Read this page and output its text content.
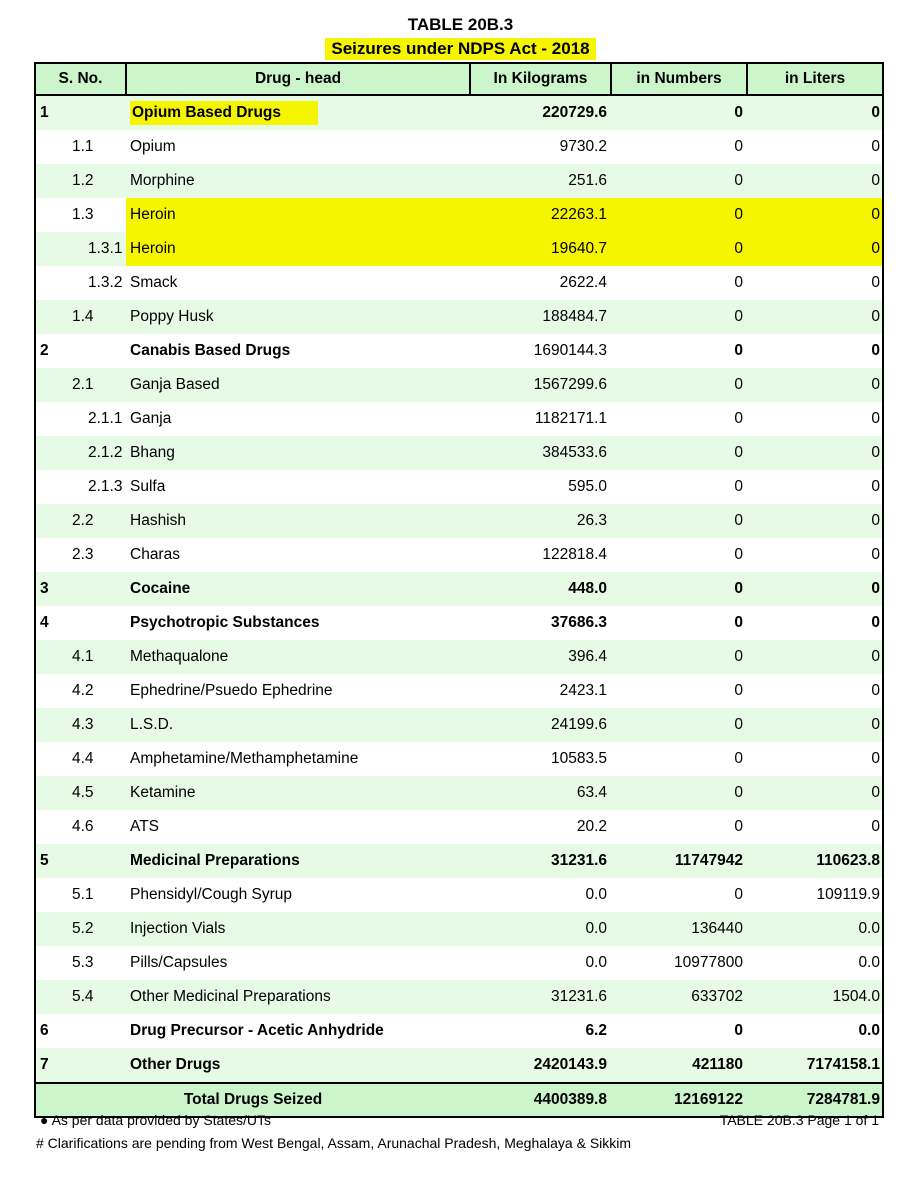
TABLE 20B.3
Seizures under NDPS Act - 2018
S. No.	Drug - head	In Kilograms	in Numbers	in Liters
1	Opium Based Drugs	220729.6	0	0
1.1	Opium	9730.2	0	0
1.2	Morphine	251.6	0	0
1.3	Heroin	22263.1	0	0
1.3.1	Heroin	19640.7	0	0
1.3.2	Smack	2622.4	0	0
1.4	Poppy Husk	188484.7	0	0
2	Canabis Based Drugs	1690144.3	0	0
2.1	Ganja Based	1567299.6	0	0
2.1.1	Ganja	1182171.1	0	0
2.1.2	Bhang	384533.6	0	0
2.1.3	Sulfa	595.0	0	0
2.2	Hashish	26.3	0	0
2.3	Charas	122818.4	0	0
3	Cocaine	448.0	0	0
4	Psychotropic Substances	37686.3	0	0
4.1	Methaqualone	396.4	0	0
4.2	Ephedrine/Psuedo Ephedrine	2423.1	0	0
4.3	L.S.D.	24199.6	0	0
4.4	Amphetamine/Methamphetamine	10583.5	0	0
4.5	Ketamine	63.4	0	0
4.6	ATS	20.2	0	0
5	Medicinal Preparations	31231.6	11747942	110623.8
5.1	Phensidyl/Cough Syrup	0.0	0	109119.9
5.2	Injection Vials	0.0	136440	0.0
5.3	Pills/Capsules	0.0	10977800	0.0
5.4	Other Medicinal Preparations	31231.6	633702	1504.0
6	Drug Precursor - Acetic Anhydride	6.2	0	0.0
7	Other Drugs	2420143.9	421180	7174158.1
Total Drugs Seized		4400389.8	12169122	7284781.9
● As per data provided by States/UTs	TABLE 20B.3 Page 1 of 1
# Clarifications are pending from West Bengal, Assam, Arunachal Pradesh, Meghalaya & Sikkim
